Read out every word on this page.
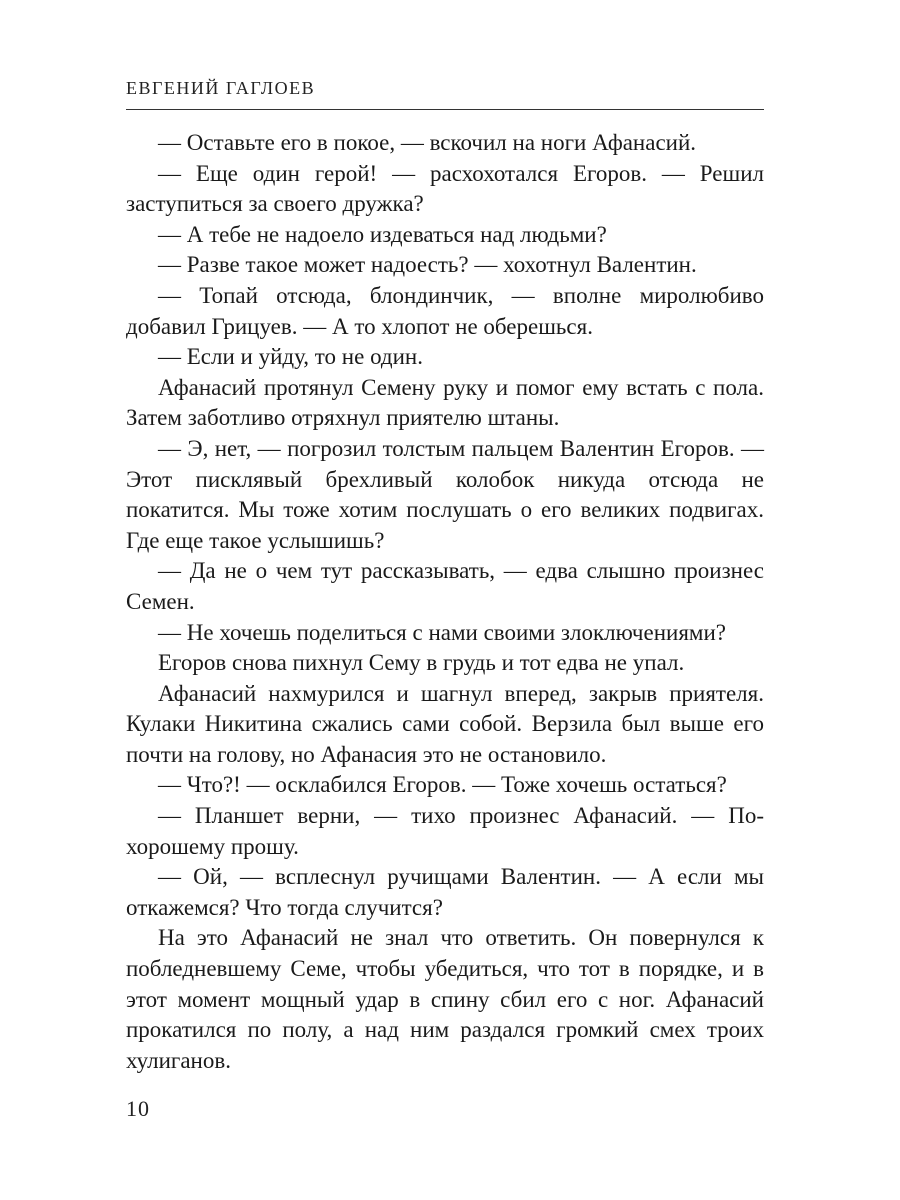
ЕВГЕНИЙ ГАГЛОЕВ

— Оставьте его в покое, — вскочил на ноги Афанасий.

— Еще один герой! — расхохотался Егоров. — Решил заступиться за своего дружка?

— А тебе не надоело издеваться над людьми?

— Разве такое может надоесть? — хохотнул Валентин.

— Топай отсюда, блондинчик, — вполне миролюбиво добавил Грицуев. — А то хлопот не оберешься.

— Если и уйду, то не один.

Афанасий протянул Семену руку и помог ему встать с пола. Затем заботливо отряхнул приятелю штаны.

— Э, нет, — погрозил толстым пальцем Валентин Егоров. — Этот писклявый брехливый колобок никуда отсюда не покатится. Мы тоже хотим послушать о его великих подвигах. Где еще такое услышишь?

— Да не о чем тут рассказывать, — едва слышно произнес Семен.

— Не хочешь поделиться с нами своими злоключениями?

Егоров снова пихнул Сему в грудь и тот едва не упал.

Афанасий нахмурился и шагнул вперед, закрыв приятеля. Кулаки Никитина сжались сами собой. Верзила был выше его почти на голову, но Афанасия это не остановило.

— Что?! — осклабился Егоров. — Тоже хочешь остаться?

— Планшет верни, — тихо произнес Афанасий. — По-хорошему прошу.

— Ой, — всплеснул ручищами Валентин. — А если мы откажемся? Что тогда случится?

На это Афанасий не знал что ответить. Он повернулся к побледневшему Семе, чтобы убедиться, что тот в порядке, и в этот момент мощный удар в спину сбил его с ног. Афанасий прокатился по полу, а над ним раздался громкий смех троих хулиганов.

10
